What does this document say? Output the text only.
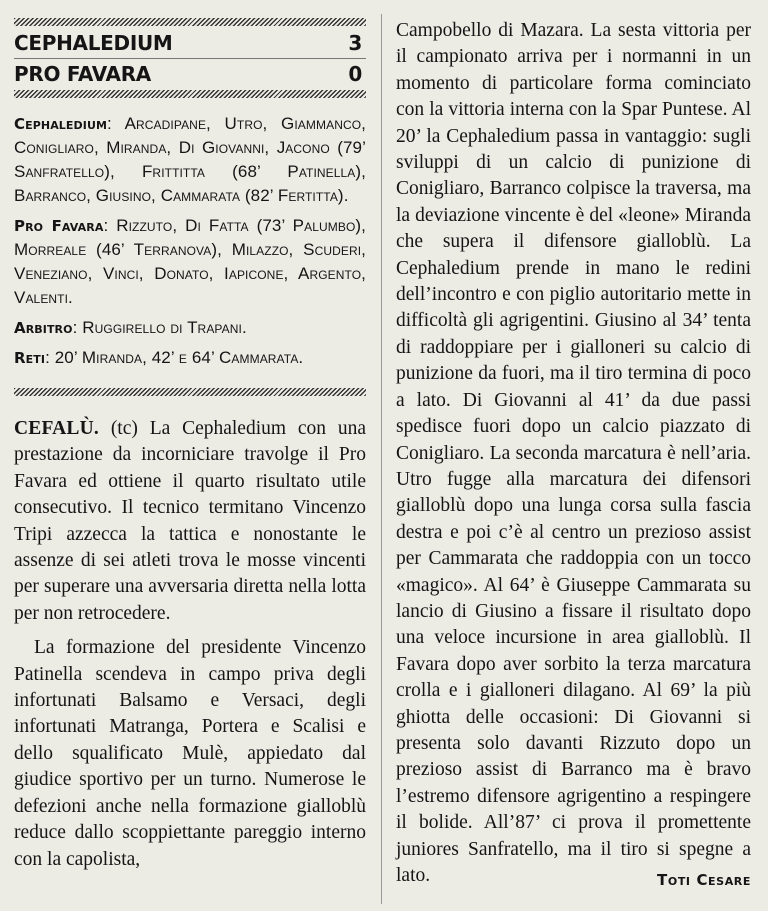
CEPHALEDIUM	3
PRO FAVARA	0

Cephaledium: Arcadipane, Utro, Giammanco, Conigliaro, Miranda, Di Giovanni, Jacono (79’ Sanfratello), Frittitta (68’ Patinella), Barranco, Giusino, Cammarata (82’ Fertitta).

Pro Favara: Rizzuto, Di Fatta (73’ Palumbo), Morreale (46’ Terranova), Milazzo, Scuderi, Veneziano, Vinci, Donato, Iapicone, Argento, Valenti.

Arbitro: Ruggirello di Trapani.

Reti: 20’ Miranda, 42’ e 64’ Cammarata.

CEFALÙ. (tc) La Cephaledium con una prestazione da incorniciare travolge il Pro Favara ed ottiene il quarto risultato utile consecutivo. Il tecnico termitano Vincenzo Tripi azzecca la tattica e nonostante le assenze di sei atleti trova le mosse vincenti per superare una avversaria diretta nella lotta per non retrocedere.

La formazione del presidente Vincenzo Patinella scendeva in campo priva degli infortunati Balsamo e Versaci, degli infortunati Matranga, Portera e Scalisi e dello squalificato Mulè, appiedato dal giudice sportivo per un turno. Numerose le defezioni anche nella formazione gialloblù reduce dallo scoppiettante pareggio interno con la capolista,

Campobello di Mazara. La sesta vittoria per il campionato arriva per i normanni in un momento di particolare forma cominciato con la vittoria interna con la Spar Puntese. Al 20’ la Cephaledium passa in vantaggio: sugli sviluppi di un calcio di punizione di Conigliaro, Barranco colpisce la traversa, ma la deviazione vincente è del «leone» Miranda che supera il difensore gialloblù. La Cephaledium prende in mano le redini dell’incontro e con piglio autoritario mette in difficoltà gli agrigentini. Giusino al 34’ tenta di raddoppiare per i gialloneri su calcio di punizione da fuori, ma il tiro termina di poco a lato. Di Giovanni al 41’ da due passi spedisce fuori dopo un calcio piazzato di Conigliaro. La seconda marcatura è nell’aria. Utro fugge alla marcatura dei difensori gialloblù dopo una lunga corsa sulla fascia destra e poi c’è al centro un prezioso assist per Cammarata che raddoppia con un tocco «magico». Al 64’ è Giuseppe Cammarata su lancio di Giusino a fissare il risultato dopo una veloce incursione in area gialloblù. Il Favara dopo aver sorbito la terza marcatura crolla e i gialloneri dilagano. Al 69’ la più ghiotta delle occasioni: Di Giovanni si presenta solo davanti Rizzuto dopo un prezioso assist di Barranco ma è bravo l’estremo difensore agrigentino a respingere il bolide. All’87’ ci prova il promettente juniores Sanfratello, ma il tiro si spegne a lato.	Toti Cesare
